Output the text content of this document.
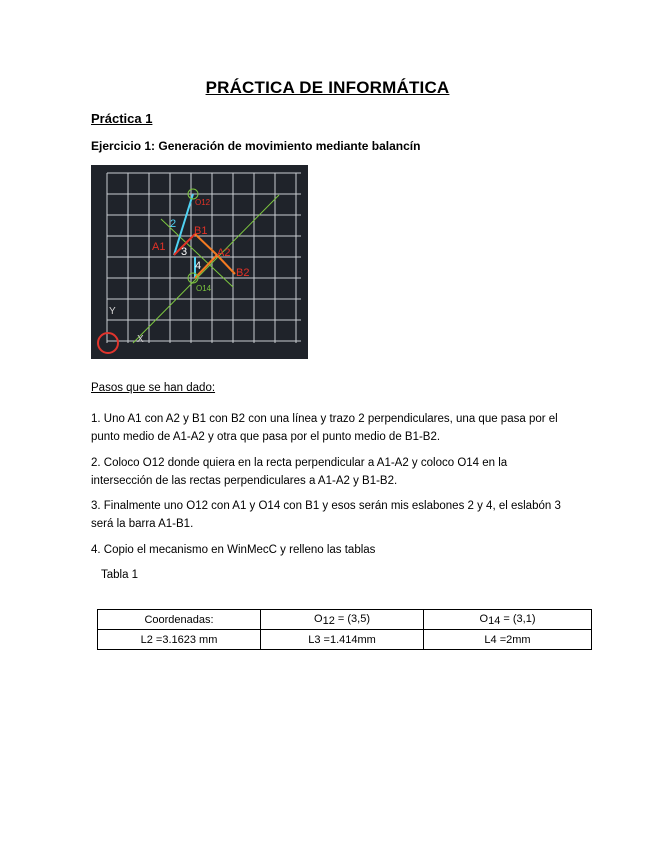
PRÁCTICA DE INFORMÁTICA
Práctica 1
Ejercicio 1: Generación de movimiento mediante balancín
O12
O14
A1
B1
A2
B2
2
3
4
Y
X
Pasos que se han dado:
1. Uno A1 con A2 y B1 con B2 con una línea y trazo 2 perpendiculares, una que pasa por el punto medio de A1-A2 y otra que pasa por el punto medio de B1-B2.
2. Coloco O12 donde quiera en la recta perpendicular a A1-A2 y coloco O14 en la intersección de las rectas perpendiculares a A1-A2 y B1-B2.
3. Finalmente uno O12 con A1 y O14 con B1 y esos serán mis eslabones 2 y 4, el eslabón 3 será la barra A1-B1.
4. Copio el mecanismo en WinMecC y relleno las tablas
Tabla 1
Coordenadas:	$O_{12} = (3,5)$	$O_{14} = (3,1)$
L2 =3.1623 mm	L3 =1.414mm	L4 =2mm
